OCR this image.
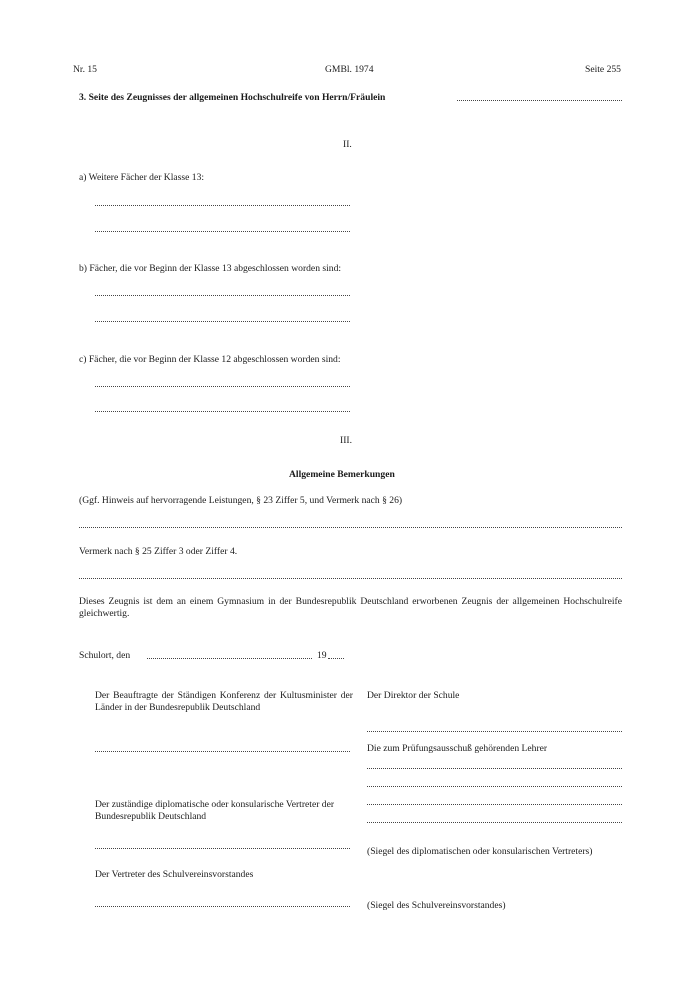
Nr. 15	GMBl. 1974	Seite 255
3. Seite des Zeugnisses der allgemeinen Hochschulreife von Herrn/Fräulein
II.
a) Weitere Fächer der Klasse 13:
b) Fächer, die vor Beginn der Klasse 13 abgeschlossen worden sind:
c) Fächer, die vor Beginn der Klasse 12 abgeschlossen worden sind:
III.
Allgemeine Bemerkungen
(Ggf. Hinweis auf hervorragende Leistungen, § 23 Ziffer 5, und Vermerk nach § 26)
Vermerk nach § 25 Ziffer 3 oder Ziffer 4.
Dieses Zeugnis ist dem an einem Gymnasium in der Bundesrepublik Deutschland erworbenen Zeugnis der allgemeinen Hochschulreife gleichwertig.
Schulort, den	19
Der Beauftragte der Ständigen Konferenz der Kultusminister der Länder in der Bundesrepublik Deutschland
Der zuständige diplomatische oder konsularische Vertreter der Bundesrepublik Deutschland
Der Vertreter des Schulvereinsvorstandes
Der Direktor der Schule
Die zum Prüfungsausschuß gehörenden Lehrer
(Siegel des diplomatischen oder konsularischen Vertreters)
(Siegel des Schulvereinsvorstandes)
